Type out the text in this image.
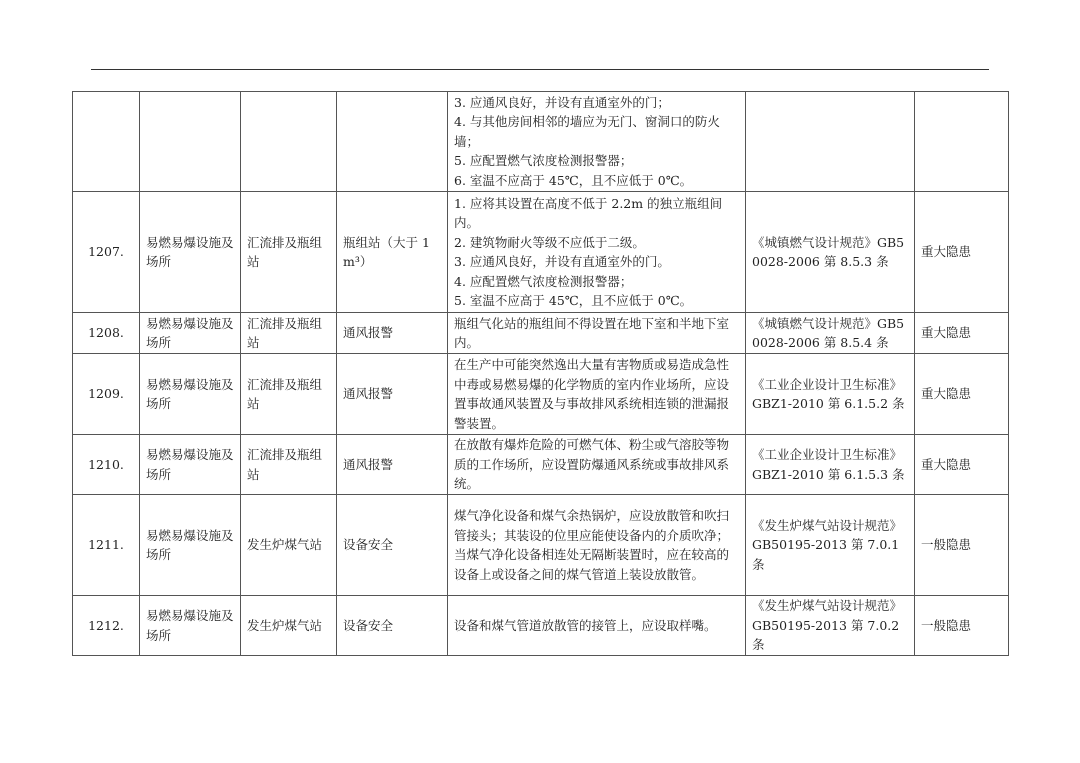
				3. 应通风良好，并设有直通室外的门；
4. 与其他房间相邻的墙应为无门、窗洞口的防火墙；
5. 应配置燃气浓度检测报警器；
6. 室温不应高于 45℃，且不应低于 0℃。		

1207.	易燃易爆设施及场所	汇流排及瓶组站	瓶组站（大于 1m³）	1. 应将其设置在高度不低于 2.2m 的独立瓶组间内。
2. 建筑物耐火等级不应低于二级。
3. 应通风良好，并设有直通室外的门。
4. 应配置燃气浓度检测报警器；
5. 室温不应高于 45℃，且不应低于 0℃。	《城镇燃气设计规范》GB50028-2006 第 8.5.3 条	重大隐患
1208.	易燃易爆设施及场所	汇流排及瓶组站	通风报警	瓶组气化站的瓶组间不得设置在地下室和半地下室内。	《城镇燃气设计规范》GB50028-2006 第 8.5.4 条	重大隐患
1209.	易燃易爆设施及场所	汇流排及瓶组站	通风报警	在生产中可能突然逸出大量有害物质或易造成急性中毒或易燃易爆的化学物质的室内作业场所，应设置事故通风装置及与事故排风系统相连锁的泄漏报警装置。	《工业企业设计卫生标准》GBZ1-2010 第 6.1.5.2 条	重大隐患
1210.	易燃易爆设施及场所	汇流排及瓶组站	通风报警	在放散有爆炸危险的可燃气体、粉尘或气溶胶等物质的工作场所，应设置防爆通风系统或事故排风系统。	《工业企业设计卫生标准》GBZ1-2010 第 6.1.5.3 条	重大隐患
1211.	易燃易爆设施及场所	发生炉煤气站	设备安全	煤气净化设备和煤气余热锅炉，应设放散管和吹扫管接头；其装设的位里应能使设备内的介质吹净；当煤气净化设备相连处无隔断装置时，应在较高的设备上或设备之间的煤气管道上装设放散管。	《发生炉煤气站设计规范》GB50195-2013 第 7.0.1 条	一般隐患
1212.	易燃易爆设施及场所	发生炉煤气站	设备安全	设备和煤气管道放散管的接管上，应设取样嘴。	《发生炉煤气站设计规范》GB50195-2013 第 7.0.2 条	一般隐患
